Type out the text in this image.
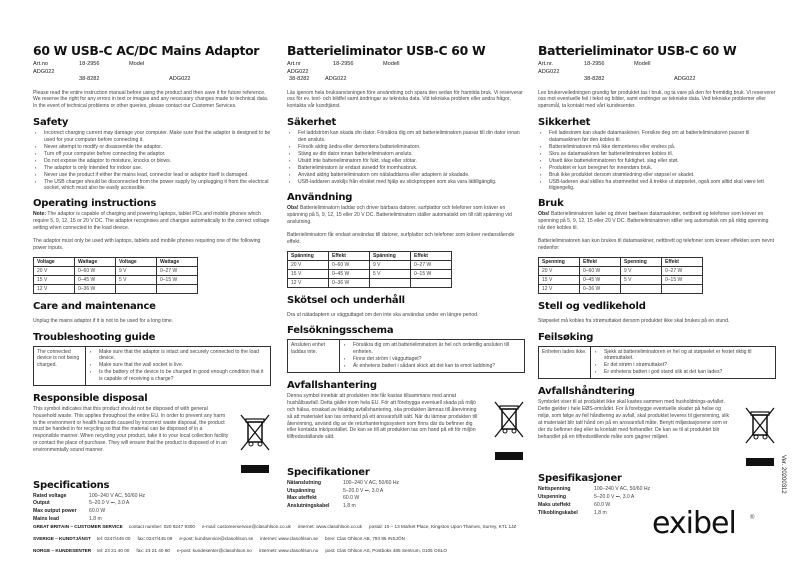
60 W USB-C AC/DC Mains Adaptor
Art.no	18-2956	Model
ADG022
38-8282	ADG022
Please read the entire instruction manual before using the product and then save it for future reference. We reserve the right for any errors in text or images and any necessary changes made to technical data. In the event of technical problems or other queries, please contact our Customer Services.
Safety
▪ Incorrect charging current may damage your computer. Make sure that the adaptor is designed to be used for your computer before connecting it.
▪ Never attempt to modify or disassemble the adaptor.
▪ Turn off your computer before connecting the adaptor.
▪ Do not expose the adaptor to moisture, knocks or blows.
▪ The adaptor is only intended for indoor use.
▪ Never use the product if either the mains lead, connector lead or adaptor itself is damaged.
▪ The USB charger should be disconnected from the power supply by unplugging it from the electrical socket, which must also be easily accessible.
Operating instructions
Note: The adaptor is capable of charging and powering laptops, tablet PCs and mobile phones which require 5, 9, 12, 15 or 20 V DC. The adaptor recognises and changes automatically to the correct voltage setting when connected to the load device.
The adaptor must only be used with laptops, tablets and mobile phones requiring one of the following power inputs.
Voltage	Wattage	Voltage	Wattage
20 V	0–60 W	9 V	0–27 W
15 V	0–45 W	5 V	0–15 W
12 V	0–36 W		
Care and maintenance
Unplug the mains adaptor if it is not to be used for a long time.
Troubleshooting guide
The connected device is not being charged.
▪ Make sure that the adaptor is intact and securely connected to the load device.
▪ Make sure that the wall socket is live.
▪ Is the battery of the device to be charged in good enough condition that it is capable of receiving a charge?
Responsible disposal
This symbol indicates that this product should not be disposed of with general household waste. This applies throughout the entire EU. In order to prevent any harm to the environment or health hazards caused by incorrect waste disposal, the product must be handed in for recycling so that the material can be disposed of in a responsible manner. When recycling your product, take it to your local collection facility or contact the place of purchase. They will ensure that the product is disposed of in an environmentally sound manner.
Specifications
Rated voltage	100–240 V AC, 50/60 Hz
Output	5–20.0 V ⎓, 3.0 A
Max output power	60.0 W
Mains lead	1.8 m
Batterieliminator USB-C 60 W
Art.nr	18-2956	Modell
ADG022
38-8282	ADG022
Läs igenom hela bruksanvisningen före användning och spara den sedan för framtida bruk. Vi reserverar oss för ev. text- och bildfel samt ändringar av tekniska data. Vid tekniska problem eller andra frågor, kontakta vår kundtjänst.
Säkerhet
▪ Fel laddström kan skada din dator. Försäkra dig om att batterieliminatorn passar till din dator innan den ansluts.
▪ Försök aldrig ändra eller demontera batterieliminatorn.
▪ Stäng av din dator innan batterieliminatorn ansluts.
▪ Utsätt inte batterieliminatorn för fukt, slag eller stötar.
▪ Batterieliminatorn är endast avsedd för inomhusbruk.
▪ Använd aldrig batterieliminatorn om nätsladdarna eller adaptern är skadade.
▪ USB-laddaren avskiljs från elnätet med hjälp av stickproppen som ska vara lättillgänglig.
Användning
Obs! Batterieliminatorn laddar och driver bärbara datorer, surfplattor och telefoner som kräver en spänning på 5, 9, 12, 15 eller 20 V DC. Batterieliminatorn ställer automatiskt om till rätt spänning vid anslutning.
Batterieliminatorn får endast användas till datorer, surfplattor och telefoner som kräver nedanstående effekt.
Spänning	Effekt	Spänning	Effekt
20 V	0–60 W	9 V	0–27 W
15 V	0–45 W	5 V	0–15 W
12 V	0–36 W		
Skötsel och underhåll
Dra ut nätadaptern ur vägguttaget om den inte ska användas under en längre period.
Felsökningsschema
Ansluten enhet laddas inte.
▪ Försäkra dig om att batterieliminatorn är hel och ordentlig ansluten till enheten.
▪ Finns det ström i vägguttaget?
▪ Är enhetens batteri i sådant skick att det kan ta emot laddning?
Avfallshantering
Denna symbol innebär att produkten inte får kastas tillsammans med annat hushållsavfall. Detta gäller inom hela EU. För att förebygga eventuell skada på miljö och hälsa, orsakad av felaktig avfallshantering, ska produkten lämnas till återvinning så att materialet kan tas omhand på ett ansvarsfullt sätt. När du lämnar produkten till återvinning, använd dig av de returhanteringssystem som finns där du befinner dig eller kontakta inköpsstället. De kan se till att produkten tas om hand på ett för miljön tillfredsställande sätt.
Specifikationer
Nätanslutning	100–240 V AC, 50/60 Hz
Utspänning	5–20.0 V ⎓, 3.0 A
Max uteffekt	60.0 W
Anslutningskabel	1,8 m
Batterieliminator USB-C 60 W
Art.nr.	18-2956	Modell
ADG022
38-8282	ADG022
Les brukerveiledningen grundig før produktet tas i bruk, og ta vare på den for fremtidig bruk. Vi reserverer oss mot eventuelle feil i tekst og bilder, samt endringer av tekniske data. Ved tekniske problemer eller spørsmål, ta kontakt med vårt kundesenter.
Sikkerhet
▪ Feil ladestrøm kan skade datamaskinen. Forsikre deg om at batterieliminatoren passer til datamaskinen før den kobles til.
▪ Batterieliminatoren må ikke demonteres eller endres på.
▪ Skru av datamaskinen før batterieliminatoren kobles til.
▪ Utsett ikke batterieliminatoren for fuktighet, slag eller støt.
▪ Produktet er kun beregnet for innendørs bruk.
▪ Bruk ikke produktet dersom strømledning eller støpsel er skadet.
▪ USB-laderen skal skilles fra strømnettet ved å trekke ut støpselet, også som alltid skal være lett tilgjengelig.
Bruk
Obs! Batterieliminatoren lader og driver bærbare datamaskiner, nettbrett og telefoner som krever en spenning på 5, 9, 12, 15 eller 20 V DC. Batterieliminatoren stiller seg automatisk om på riktig spenning når den kobles til.
Batterieliminatoren kan kun brukes til datamaskiner, nettbrett og telefoner som krever effekten som nevnt nedenfor:
Spenning	Effekt	Spenning	Effekt
20 V	0–60 W	9 V	0–27 W
15 V	0–45 W	5 V	0–15 W
12 V	0–36 W		
Stell og vedlikehold
Støpselet må kobles fra strømuttaket dersom produktet ikke skal brukes på en stund.
Feilsøking
Enheten lades ikke.	▪ Sjekk at batterieliminatoren er hel og at støpselet er festet riktig til strømuttaket.
▪ Er det strøm i strømuttaket?
▪ Er enhetens batteri i god stand slik at det kan lades?
Avfallshåndtering
Symbolet viser til at produktet ikke skal kastes sammen med husholdnings-avfallet. Dette gjelder i hele EØS-området. For å forebygge eventuelle skader på helse og miljø, som følge av feil håndtering av avfall, skal produktet leveres til gjenvinning, slik at materialet blir tatt hånd om på en ansvarsfull måte. Benytt miljøstasjonene som er der du befinner deg eller ta kontakt med forhandler. De kan se til at produktet blir behandlet på en tilfredsstillende måte som gagner miljøet.
Spesifikasjoner
Nettspenning	100–240 V AC, 50/60 Hz
Utspenning	5–20.0 V ⎓, 3.0 A
Maks uteffekt	60.0 W
Tilkoblingskabel	1,8 m
GREAT BRITAIN – CUSTOMER SERVICE contact number: 020 8247 9300 e-mail: customerservice@clasohlson.co.uk internet: www.clasohlson.co.uk postal: 10 – 13 Market Place, Kingston Upon Thames, Surrey, KT1 1JZ
SVERIGE – KUNDTJÄNST tel: 0247/445 00 fax: 0247/445 09 e-post: kundservice@clasohlson.se internet: www.clasohlson.se brev: Clas Ohlson AB, 793 85 INSJÖN
NORGE – KUNDESENTER tel: 23 21 40 00 fax: 23 21 40 80 e-post: kundesenter@clasohlson.no internett: www.clasohlson.no post: Clas Ohlson AS, Postboks 485 Sentrum, 0105 OSLO
exibel ®
Ver. 20200312
